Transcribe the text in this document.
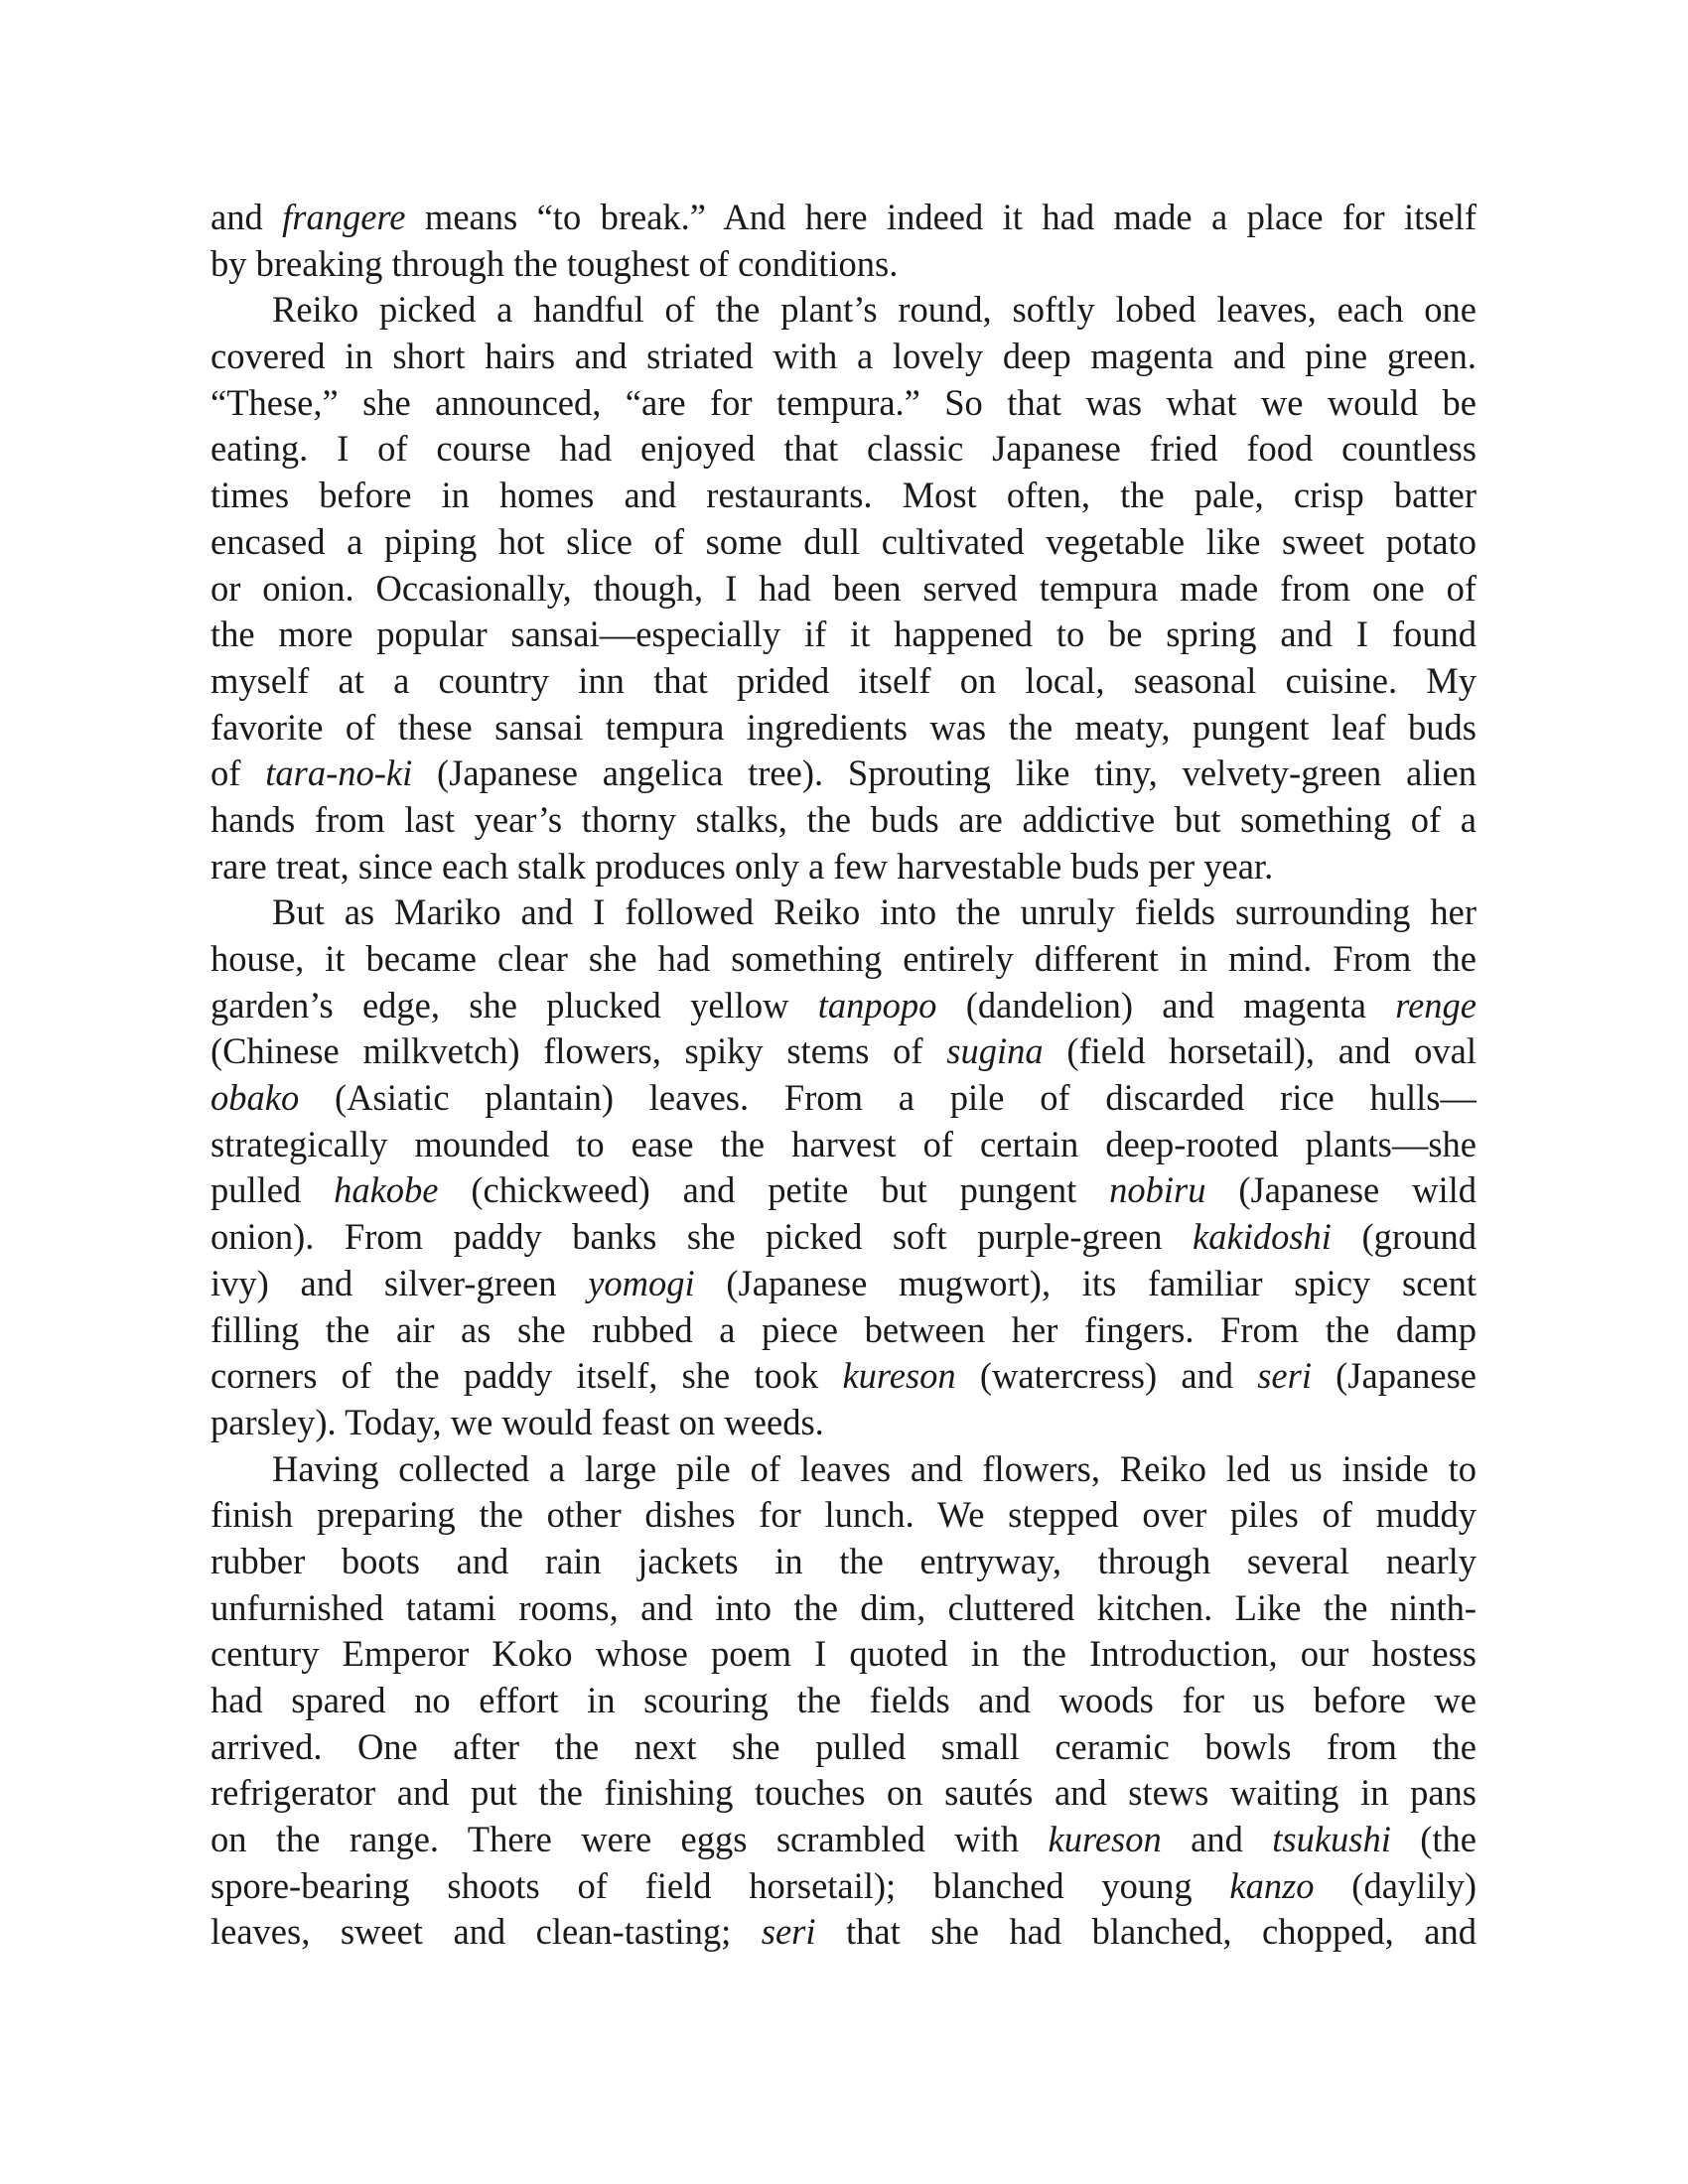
and frangere means “to break.” And here indeed it had made a place for itself
by breaking through the toughest of conditions.
Reiko picked a handful of the plant’s round, softly lobed leaves, each one
covered in short hairs and striated with a lovely deep magenta and pine green.
“These,” she announced, “are for tempura.” So that was what we would be
eating. I of course had enjoyed that classic Japanese fried food countless
times before in homes and restaurants. Most often, the pale, crisp batter
encased a piping hot slice of some dull cultivated vegetable like sweet potato
or onion. Occasionally, though, I had been served tempura made from one of
the more popular sansai—especially if it happened to be spring and I found
myself at a country inn that prided itself on local, seasonal cuisine. My
favorite of these sansai tempura ingredients was the meaty, pungent leaf buds
of tara-no-ki (Japanese angelica tree). Sprouting like tiny, velvety-green alien
hands from last year’s thorny stalks, the buds are addictive but something of a
rare treat, since each stalk produces only a few harvestable buds per year.
But as Mariko and I followed Reiko into the unruly fields surrounding her
house, it became clear she had something entirely different in mind. From the
garden’s edge, she plucked yellow tanpopo (dandelion) and magenta renge
(Chinese milkvetch) flowers, spiky stems of sugina (field horsetail), and oval
obako (Asiatic plantain) leaves. From a pile of discarded rice hulls—
strategically mounded to ease the harvest of certain deep-rooted plants—she
pulled hakobe (chickweed) and petite but pungent nobiru (Japanese wild
onion). From paddy banks she picked soft purple-green kakidoshi (ground
ivy) and silver-green yomogi (Japanese mugwort), its familiar spicy scent
filling the air as she rubbed a piece between her fingers. From the damp
corners of the paddy itself, she took kureson (watercress) and seri (Japanese
parsley). Today, we would feast on weeds.
Having collected a large pile of leaves and flowers, Reiko led us inside to
finish preparing the other dishes for lunch. We stepped over piles of muddy
rubber boots and rain jackets in the entryway, through several nearly
unfurnished tatami rooms, and into the dim, cluttered kitchen. Like the ninth-
century Emperor Koko whose poem I quoted in the Introduction, our hostess
had spared no effort in scouring the fields and woods for us before we
arrived. One after the next she pulled small ceramic bowls from the
refrigerator and put the finishing touches on sautés and stews waiting in pans
on the range. There were eggs scrambled with kureson and tsukushi (the
spore-bearing shoots of field horsetail); blanched young kanzo (daylily)
leaves, sweet and clean-tasting; seri that she had blanched, chopped, and
